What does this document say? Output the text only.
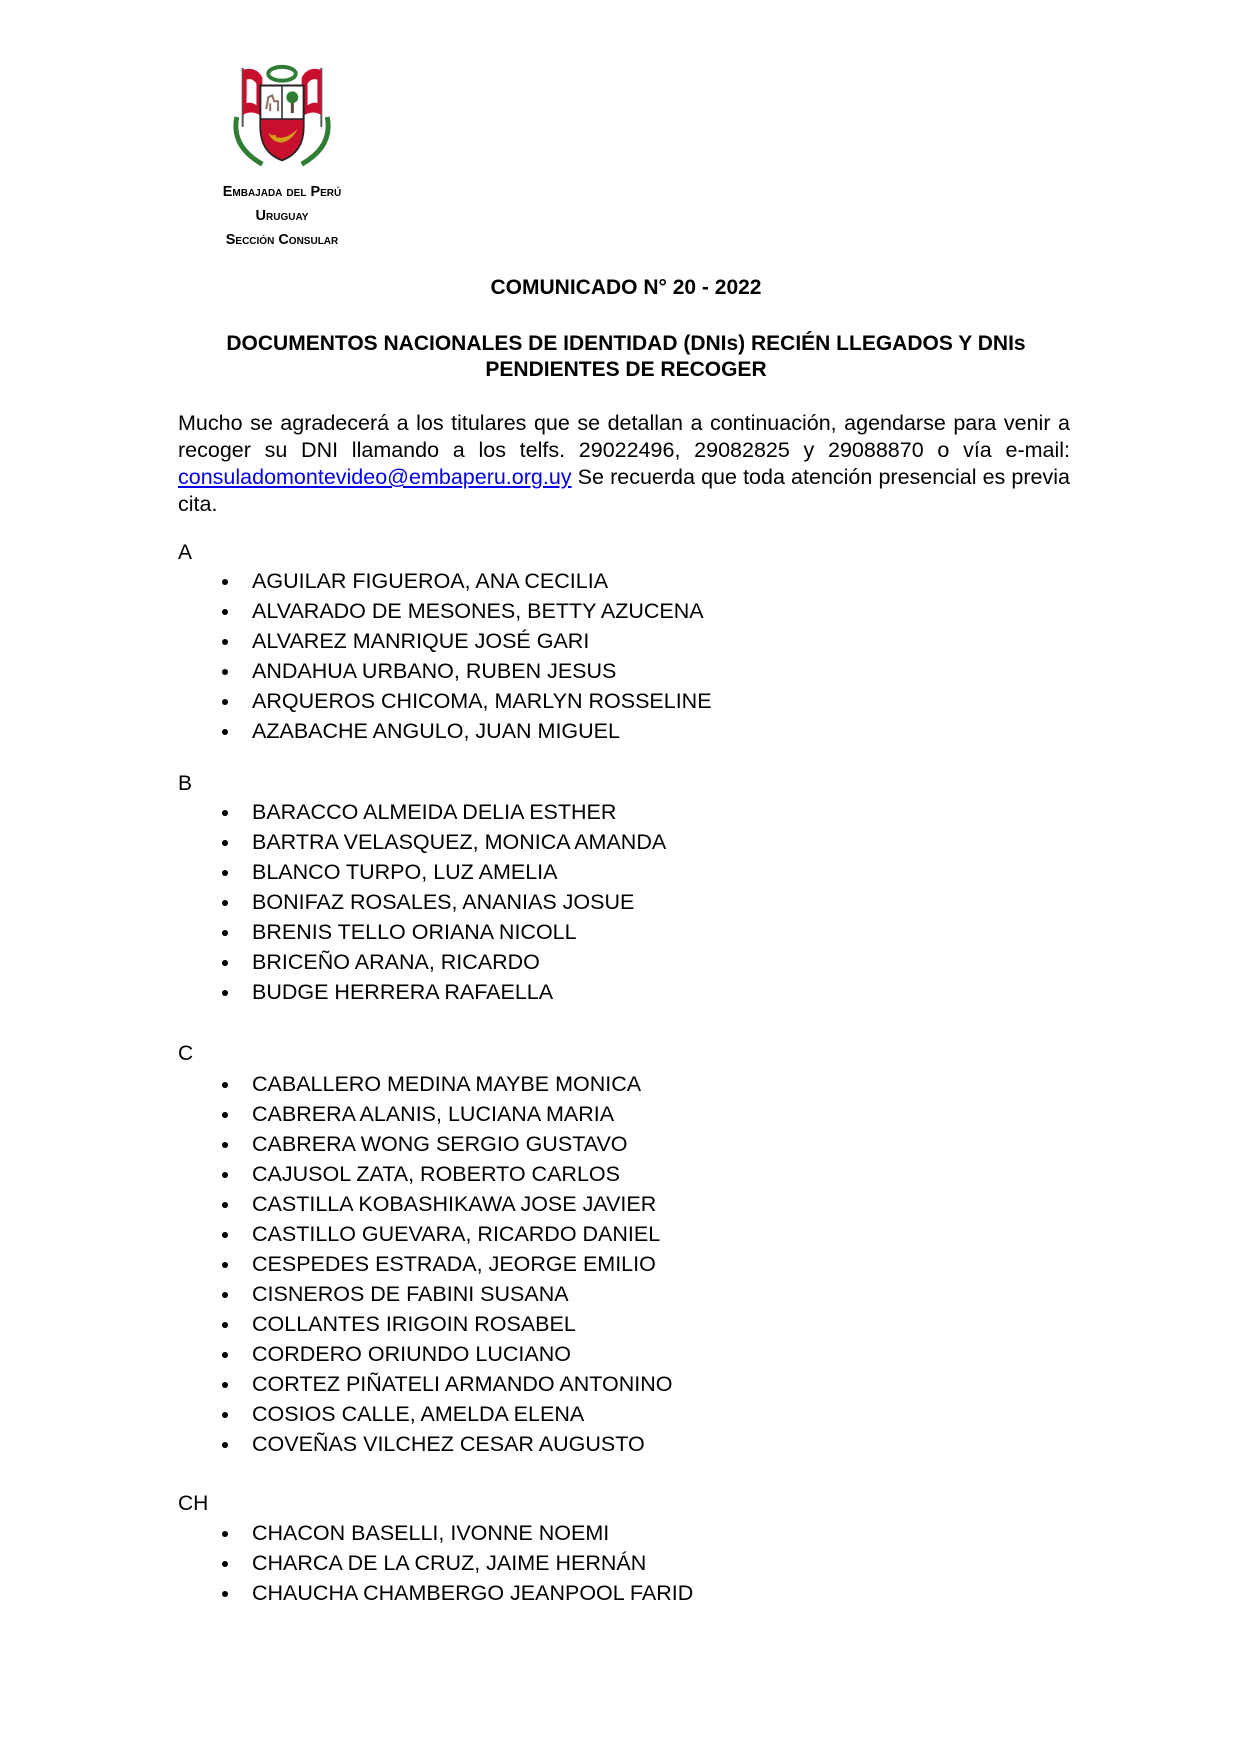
Embajada del Perú
Uruguay
Sección Consular
COMUNICADO N° 20 - 2022
DOCUMENTOS NACIONALES DE IDENTIDAD (DNIs) RECIÉN LLEGADOS Y DNIs PENDIENTES DE RECOGER
Mucho se agradecerá a los titulares que se detallan a continuación, agendarse para venir a recoger su DNI llamando a los telfs. 29022496, 29082825 y 29088870 o vía e-mail: consuladomontevideo@embaperu.org.uy Se recuerda que toda atención presencial es previa cita.
A
AGUILAR FIGUEROA, ANA CECILIA
ALVARADO DE MESONES, BETTY AZUCENA
ALVAREZ MANRIQUE JOSÉ GARI
ANDAHUA URBANO, RUBEN JESUS
ARQUEROS CHICOMA, MARLYN ROSSELINE
AZABACHE ANGULO, JUAN MIGUEL
B
BARACCO ALMEIDA DELIA ESTHER
BARTRA VELASQUEZ, MONICA AMANDA
BLANCO TURPO, LUZ AMELIA
BONIFAZ ROSALES, ANANIAS JOSUE
BRENIS TELLO ORIANA NICOLL
BRICEÑO ARANA, RICARDO
BUDGE HERRERA RAFAELLA
C
CABALLERO MEDINA MAYBE MONICA
CABRERA ALANIS, LUCIANA MARIA
CABRERA WONG SERGIO GUSTAVO
CAJUSOL ZATA, ROBERTO CARLOS
CASTILLA KOBASHIKAWA JOSE JAVIER
CASTILLO GUEVARA, RICARDO DANIEL
CESPEDES ESTRADA, JEORGE EMILIO
CISNEROS DE FABINI SUSANA
COLLANTES IRIGOIN ROSABEL
CORDERO ORIUNDO LUCIANO
CORTEZ PIÑATELI ARMANDO ANTONINO
COSIOS CALLE, AMELDA ELENA
COVEÑAS VILCHEZ CESAR AUGUSTO
CH
CHACON BASELLI, IVONNE NOEMI
CHARCA DE LA CRUZ, JAIME HERNÁN
CHAUCHA CHAMBERGO JEANPOOL FARID
